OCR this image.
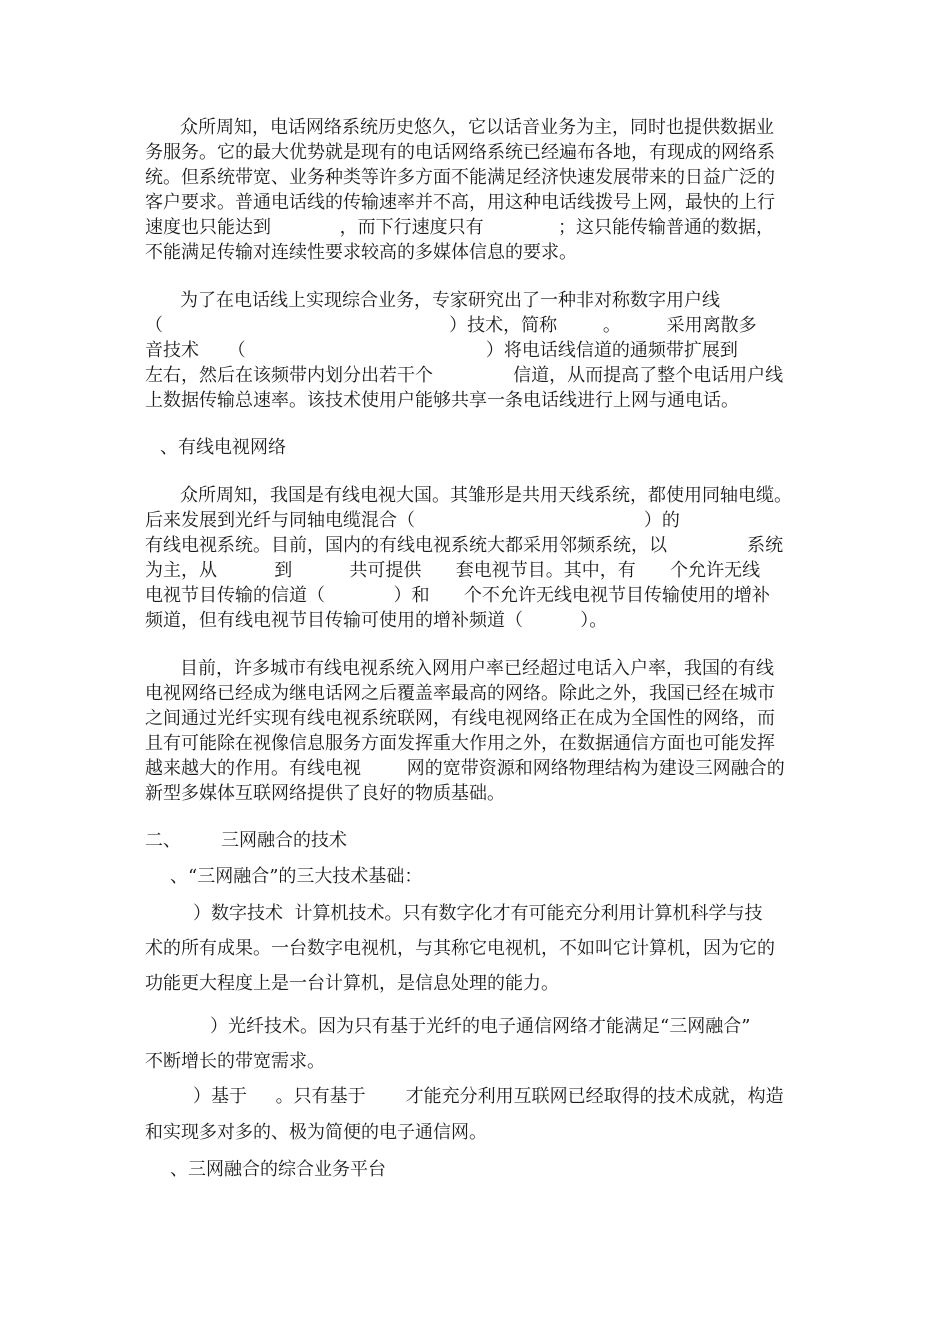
众所周知，电话网络系统历史悠久，它以话音业务为主，同时也提供数据业
务服务。它的最大优势就是现有的电话网络系统已经遍布各地，有现成的网络系
统。但系统带宽、业务种类等许多方面不能满足经济快速发展带来的日益广泛的
客户要求。普通电话线的传输速率并不高，用这种电话线拨号上网，最快的上行
速度也只能达到            ，而下行速度只有             ；这只能传输普通的数据，
不能满足传输对连续性要求较高的多媒体信息的要求。
为了在电话线上实现综合业务，专家研究出了一种非对称数字用户线
（                                                  ）技术，简称        。        采用离散多
音技术     （                                          ）将电话线信道的通频带扩展到
左右，然后在该频带内划分出若干个              信道，从而提高了整个电话用户线
上数据传输总速率。该技术使用户能够共享一条电话线进行上网与通电话。
、有线电视网络
众所周知，我国是有线电视大国。其雏形是共用天线系统，都使用同轴电缆。
后来发展到光纤与同轴电缆混合（                                        ）的
有线电视系统。目前，国内的有线电视系统大都采用邻频系统，以              系统
为主，从          到          共可提供      套电视节目。其中，有      个允许无线
电视节目传输的信道（            ）和      个不允许无线电视节目传输使用的增补
频道，但有线电视节目传输可使用的增补频道（          ）。
目前，许多城市有线电视系统入网用户率已经超过电话入户率，我国的有线
电视网络已经成为继电话网之后覆盖率最高的网络。除此之外，我国已经在城市
之间通过光纤实现有线电视系统联网，有线电视网络正在成为全国性的网络，而
且有可能除在视像信息服务方面发挥重大作用之外，在数据通信方面也可能发挥
越来越大的作用。有线电视        网的宽带资源和网络物理结构为建设三网融合的
新型多媒体互联网络提供了良好的物质基础。
二、       三网融合的技术
、“三网融合”的三大技术基础：
）数字技术  计算机技术。只有数字化才有可能充分利用计算机科学与技
术的所有成果。一台数字电视机，与其称它电视机，不如叫它计算机，因为它的
功能更大程度上是一台计算机，是信息处理的能力。
）光纤技术。因为只有基于光纤的电子通信网络才能满足“三网融合”
不断增长的带宽需求。
）基于     。只有基于       才能充分利用互联网已经取得的技术成就，构造
和实现多对多的、极为简便的电子通信网。
、三网融合的综合业务平台
